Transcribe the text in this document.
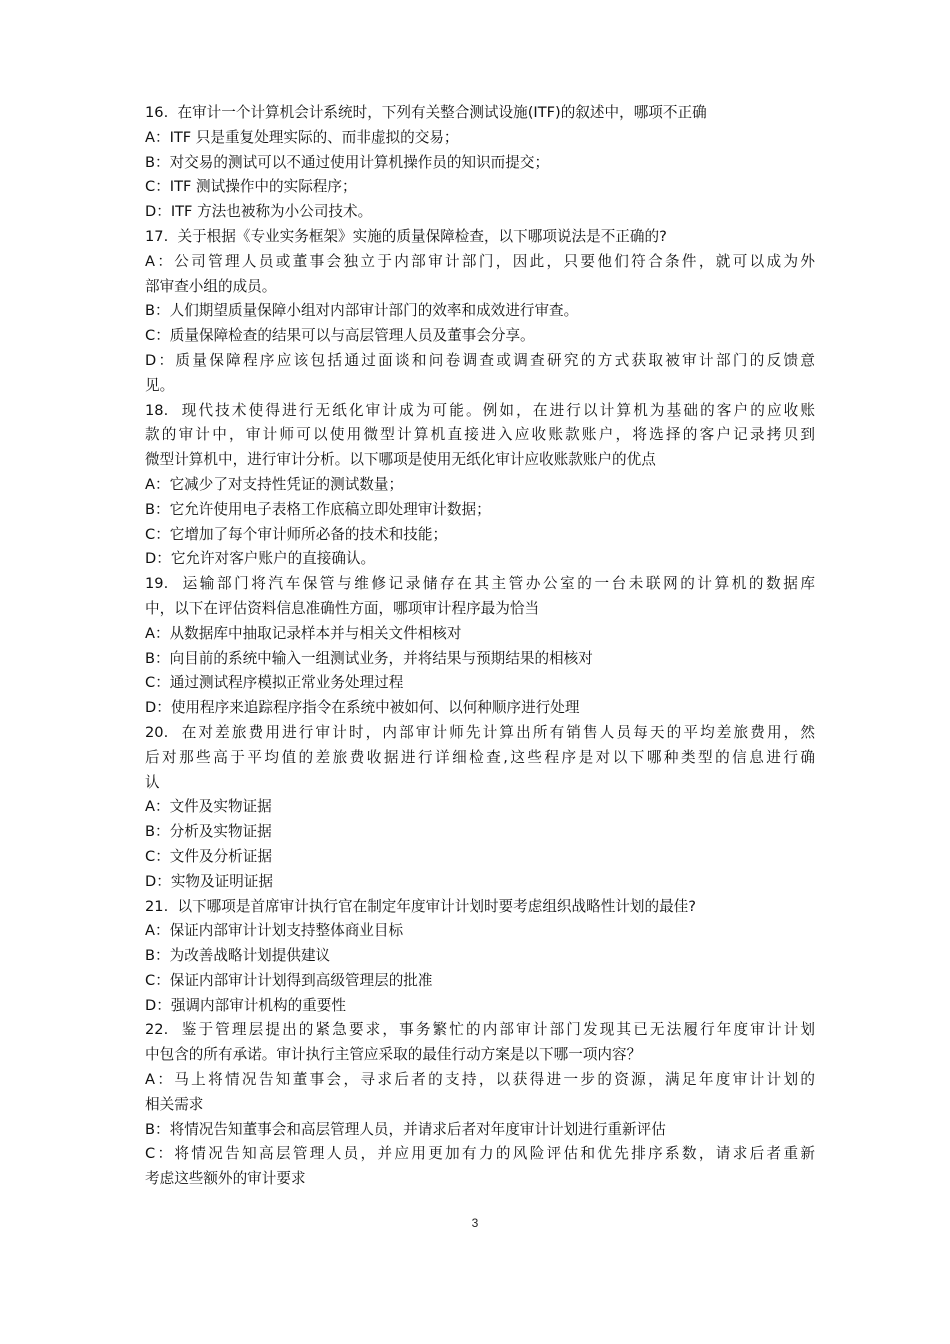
16.  在审计一个计算机会计系统时，下列有关整合测试设施(ITF)的叙述中，哪项不正确
A：ITF 只是重复处理实际的、而非虚拟的交易；
B：对交易的测试可以不通过使用计算机操作员的知识而提交；
C：ITF 测试操作中的实际程序；
D：ITF 方法也被称为小公司技术。
17.  关于根据《专业实务框架》实施的质量保障检查，以下哪项说法是不正确的?
A：公司管理人员或董事会独立于内部审计部门，因此，只要他们符合条件，就可以成为外
部审查小组的成员。
B：人们期望质量保障小组对内部审计部门的效率和成效进行审查。
C：质量保障检查的结果可以与高层管理人员及董事会分享。
D：质量保障程序应该包括通过面谈和问卷调查或调查研究的方式获取被审计部门的反馈意
见。
18.  现代技术使得进行无纸化审计成为可能。例如，在进行以计算机为基础的客户的应收账
款的审计中，审计师可以使用微型计算机直接进入应收账款账户，将选择的客户记录拷贝到
微型计算机中，进行审计分析。以下哪项是使用无纸化审计应收账款账户的优点
A：它减少了对支持性凭证的测试数量；
B：它允许使用电子表格工作底稿立即处理审计数据；
C：它增加了每个审计师所必备的技术和技能；
D：它允许对客户账户的直接确认。
19.  运输部门将汽车保管与维修记录储存在其主管办公室的一台未联网的计算机的数据库
中，以下在评估资料信息准确性方面，哪项审计程序最为恰当
A：从数据库中抽取记录样本并与相关文件相核对
B：向目前的系统中输入一组测试业务，并将结果与预期结果的相核对
C：通过测试程序模拟正常业务处理过程
D：使用程序来追踪程序指令在系统中被如何、以何种顺序进行处理
20.  在对差旅费用进行审计时，内部审计师先计算出所有销售人员每天的平均差旅费用，然
后对那些高于平均值的差旅费收据进行详细检查,这些程序是对以下哪种类型的信息进行确
认
A：文件及实物证据
B：分析及实物证据
C：文件及分析证据
D：实物及证明证据
21.  以下哪项是首席审计执行官在制定年度审计计划时要考虑组织战略性计划的最佳?
A：保证内部审计计划支持整体商业目标
B：为改善战略计划提供建议
C：保证内部审计计划得到高级管理层的批准
D：强调内部审计机构的重要性
22.  鉴于管理层提出的紧急要求，事务繁忙的内部审计部门发现其已无法履行年度审计计划
中包含的所有承诺。审计执行主管应采取的最佳行动方案是以下哪一项内容？
A：马上将情况告知董事会，寻求后者的支持，以获得进一步的资源，满足年度审计计划的
相关需求
B：将情况告知董事会和高层管理人员，并请求后者对年度审计计划进行重新评估
C：将情况告知高层管理人员，并应用更加有力的风险评估和优先排序系数，请求后者重新
考虑这些额外的审计要求
3
